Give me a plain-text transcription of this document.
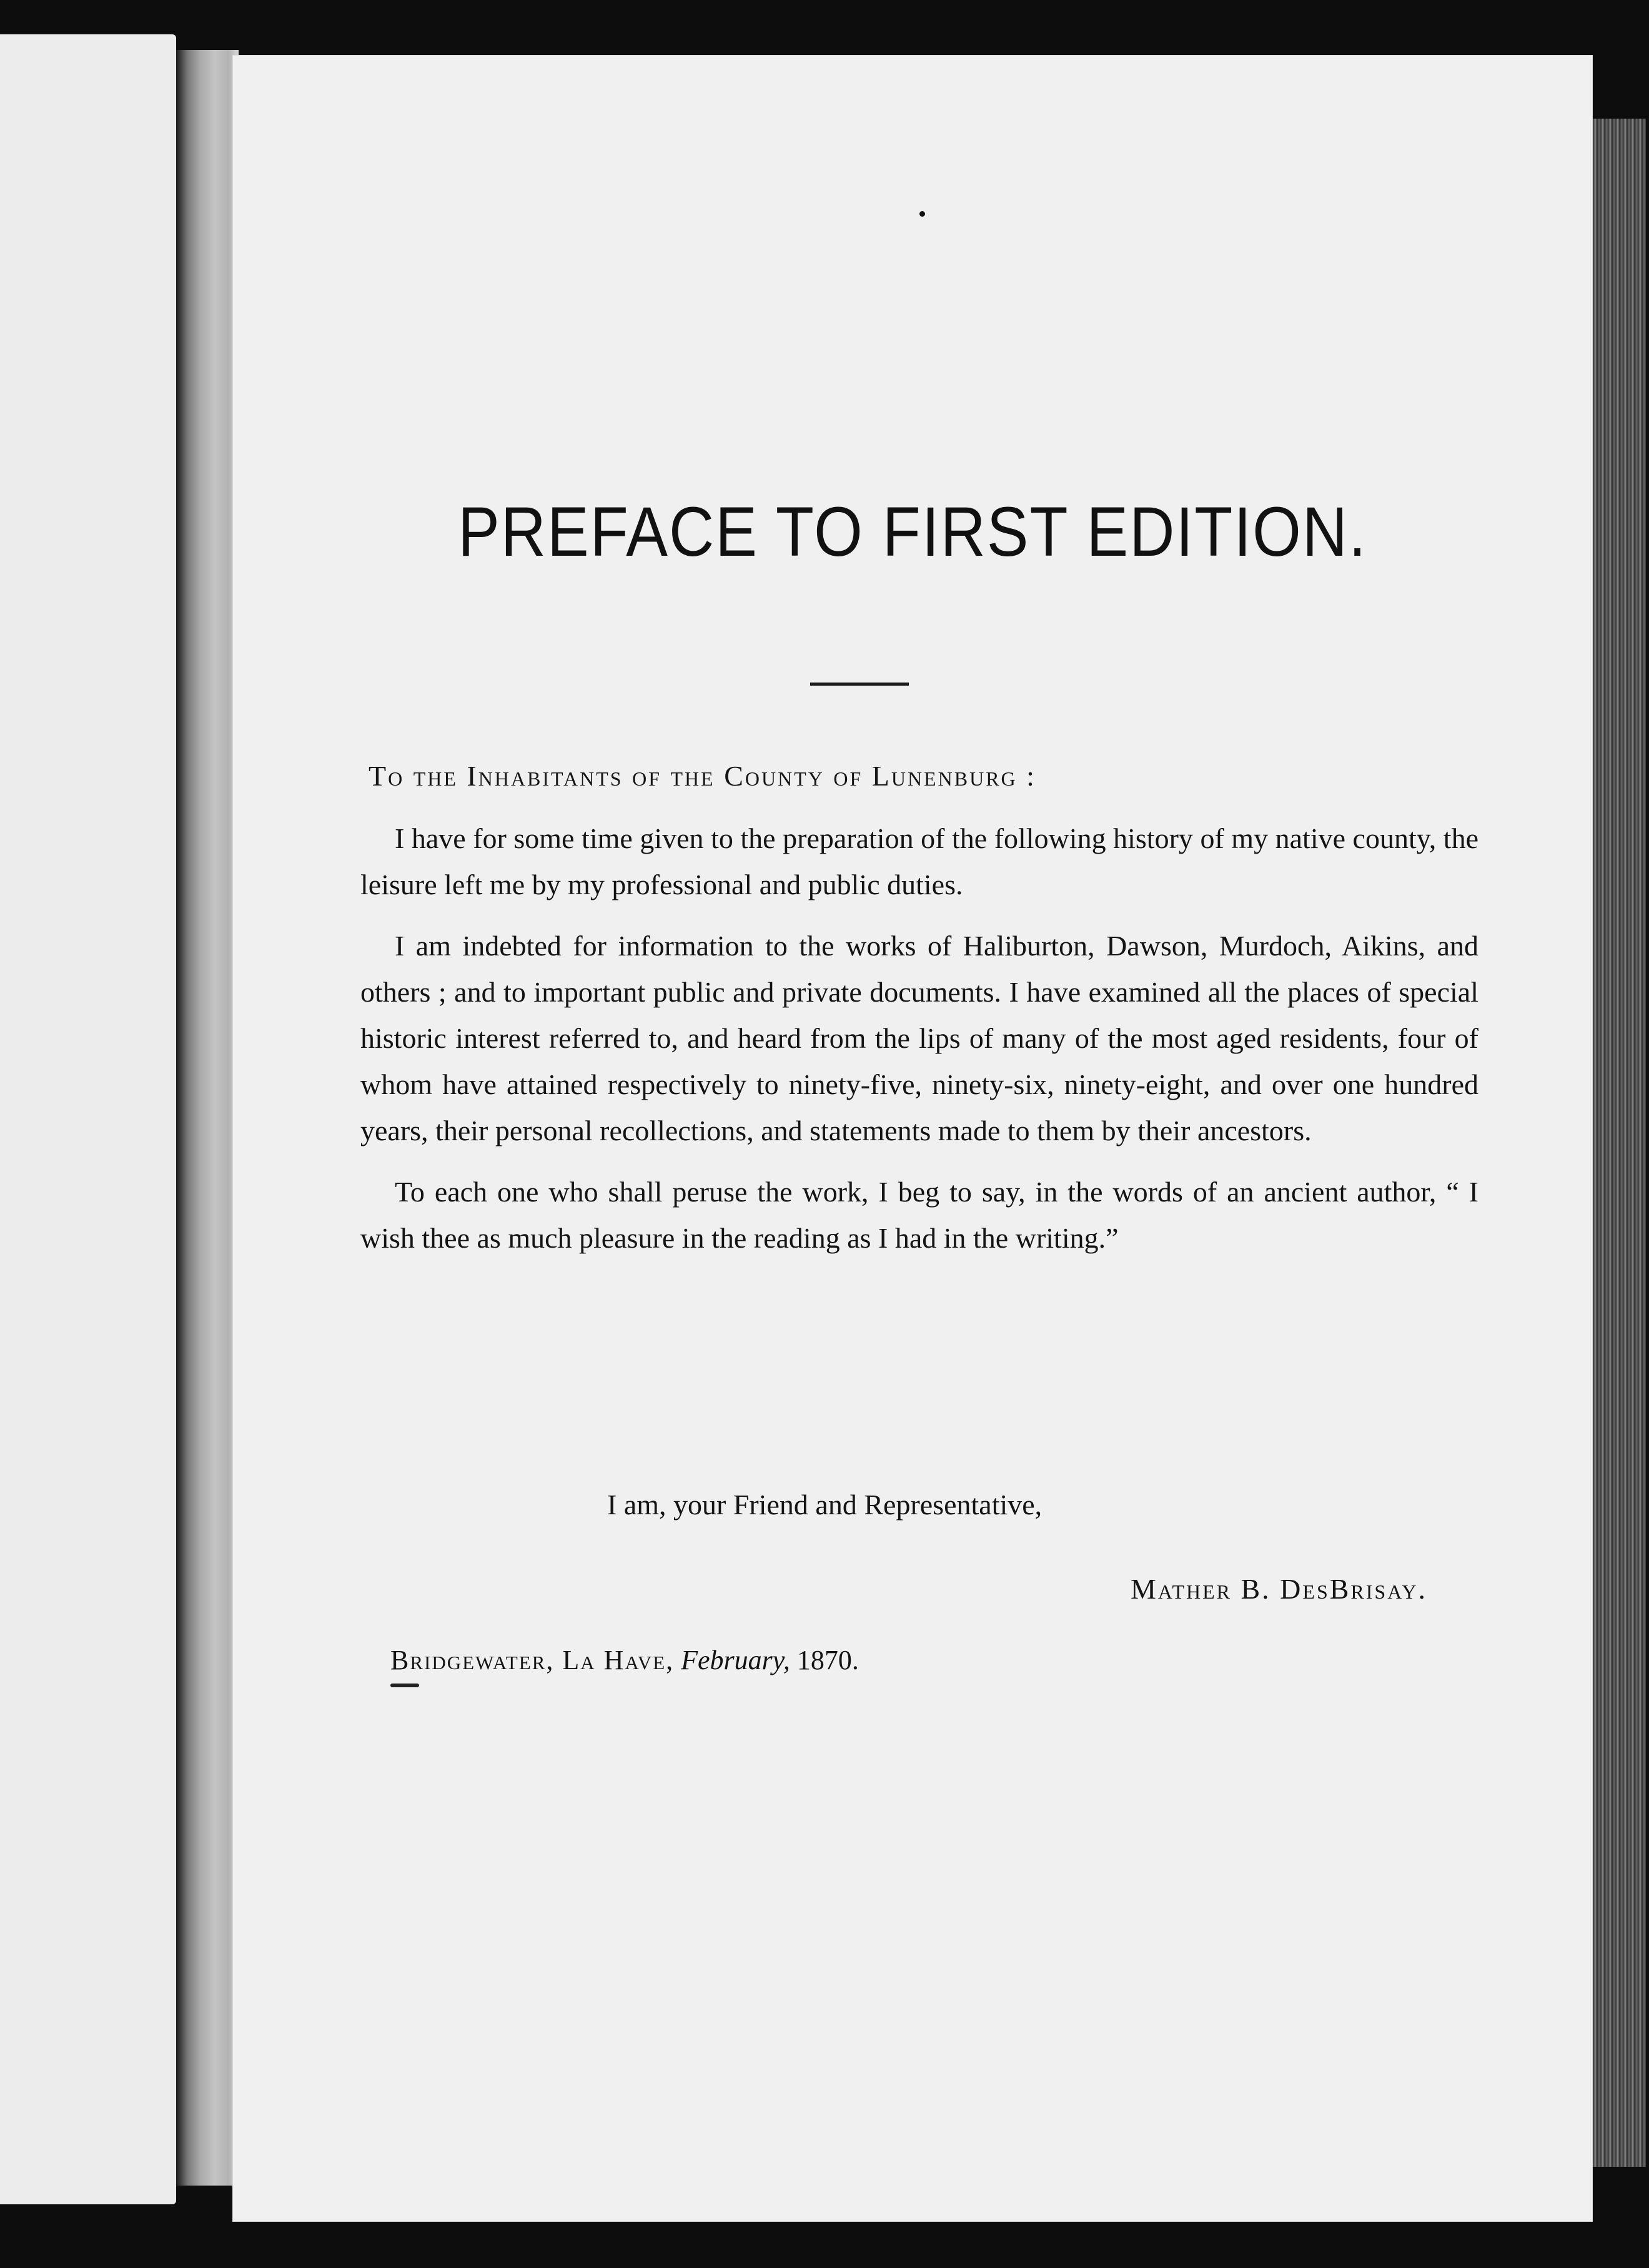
PREFACE TO FIRST EDITION.
To the Inhabitants of the County of Lunenburg :

I have for some time given to the preparation of the following history of my native county, the leisure left me by my professional and public duties.

I am indebted for information to the works of Haliburton, Dawson, Murdoch, Aikins, and others ; and to important public and private documents. I have examined all the places of special historic interest referred to, and heard from the lips of many of the most aged residents, four of whom have attained respectively to ninety-five, ninety-six, ninety-eight, and over one hundred years, their personal recollections, and statements made to them by their ancestors.

To each one who shall peruse the work, I beg to say, in the words of an ancient author, “ I wish thee as much pleasure in the reading as I had in the writing.”

I am, your Friend and Representative,
Mather B. DesBrisay.
Bridgewater, La Have, February, 1870.
